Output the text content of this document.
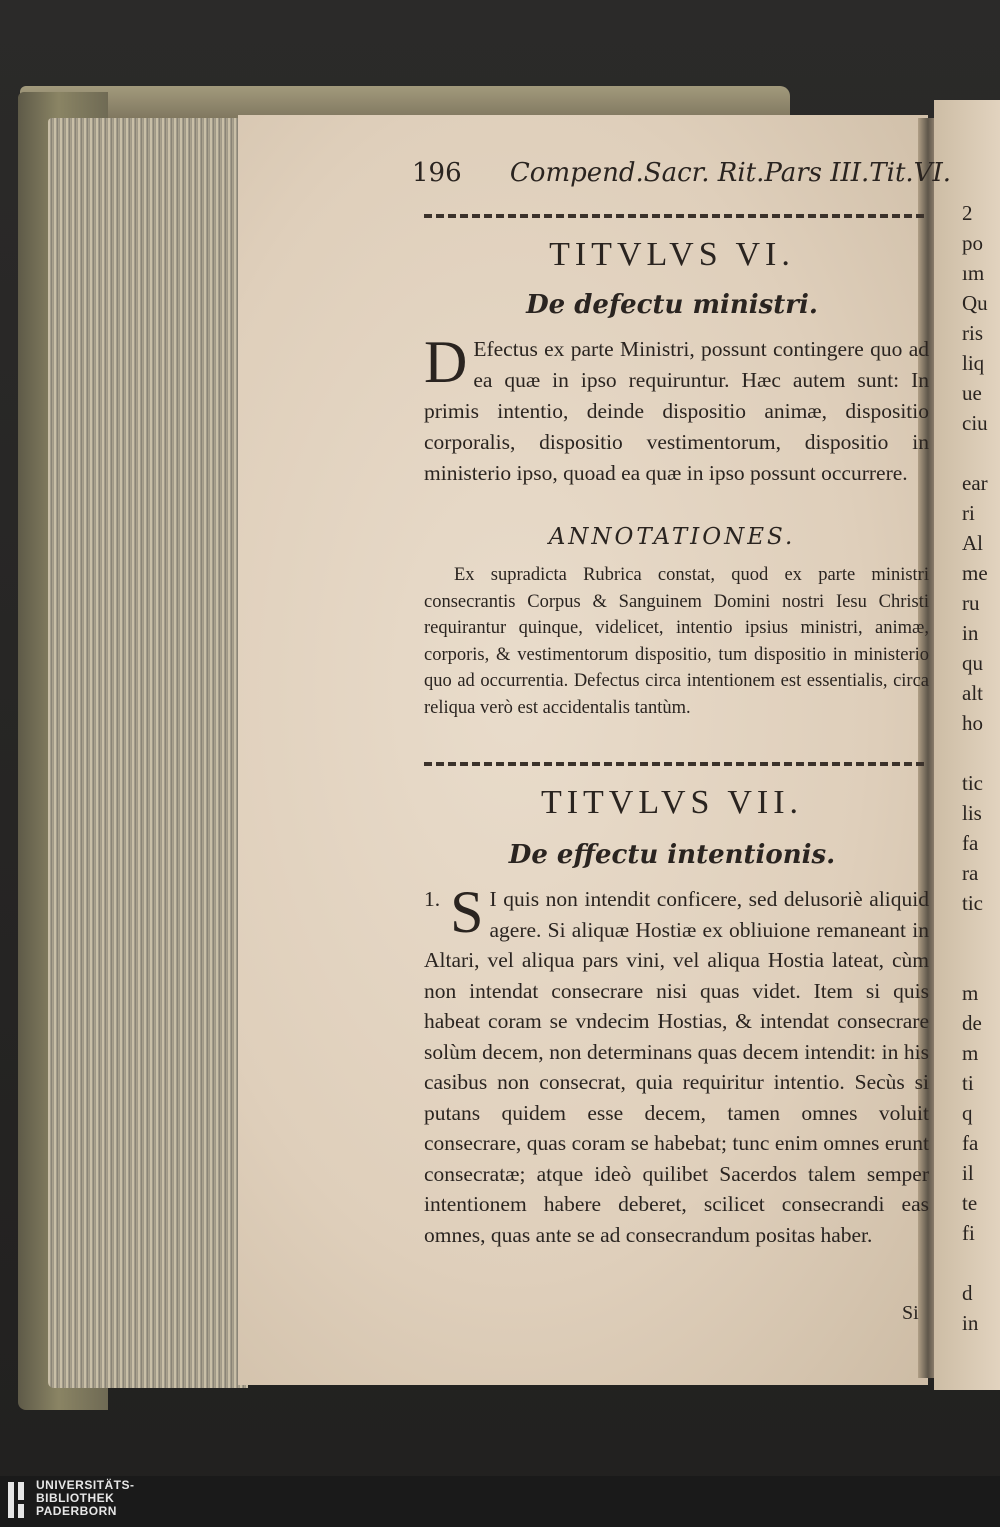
196 Compend.Sacr. Rit.Pars III.Tit.VI.
TITVLVS VI.
De defectu ministri.
D Efectus ex parte Ministri, possunt contingere quo ad ea quæ in ipso requiruntur. Hæc autem sunt: In primis intentio, deinde dispositio animæ, dispositio corporalis, dispositio vestimentorum, dispositio in ministerio ipso, quoad ea quæ in ipso possunt occurrere.
ANNOTATIONES.
Ex supradicta Rubrica constat, quod ex parte ministri consecrantis Corpus & Sanguinem Domini nostri Iesu Christi requirantur quinque, videlicet, intentio ipsius ministri, animæ, corporis, & vestimentorum dispositio, tum dispositio in ministerio quo ad occurrentia. Defectus circa intentionem est essentialis, circa reliqua verò est accidentalis tantùm.
TITVLVS VII.
De effectu intentionis.
1. S I quis non intendit conficere, sed delusoriè aliquid agere. Si aliquæ Hostiæ ex obliuione remaneant in Altari, vel aliqua pars vini, vel aliqua Hostia lateat, cùm non intendat consecrare nisi quas videt. Item si quis habeat coram se vndecim Hostias, & intendat consecrare solùm decem, non determinans quas decem intendit: in his casibus non consecrat, quia requiritur intentio. Secùs si putans quidem esse decem, tamen omnes voluit consecrare, quas coram se habebat; tunc enim omnes erunt consecratæ; atque ideò quilibet Sacerdos talem semper intentionem habere deberet, scilicet consecrandi eas omnes, quas ante se ad consecrandum positas haber.
Si
2
po
ım
Qu
ris
liq
ue
ciu
ear
ri
Al
me
ru
in
qu
alt
ho
tic
lis
fa
ra
tic
m
de
m
ti
q
fa
il
te
fi
d
in
UNIVERSITÄTS-
BIBLIOTHEK
PADERBORN
